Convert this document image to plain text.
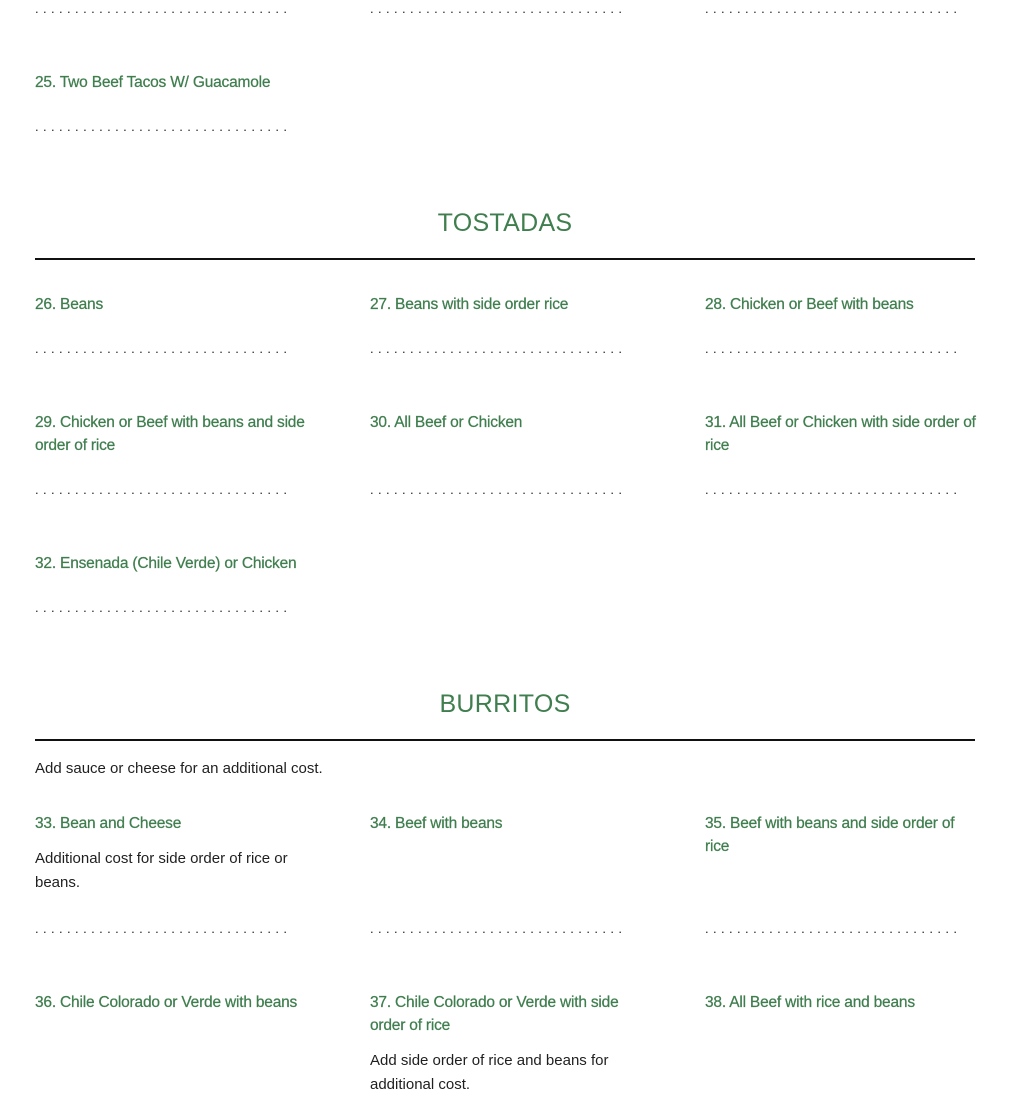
................................	................................	................................
25. Two Beef Tacos W/ Guacamole
................................
TOSTADAS
26. Beans	27. Beans with side order rice	28. Chicken or Beef with beans
................................	................................	................................
29. Chicken or Beef with beans and side order of rice
30. All Beef or Chicken	31. All Beef or Chicken with side order of rice
................................	................................	................................
32. Ensenada (Chile Verde) or Chicken
................................
BURRITOS
Add sauce or cheese for an additional cost.
33. Bean and Cheese
Additional cost for side order of rice or beans.
34. Beef with beans	35. Beef with beans and side order of rice
................................	................................	................................
36. Chile Colorado or Verde with beans	37. Chile Colorado or Verde with side order of rice
Add side order of rice and beans for additional cost.
38. All Beef with rice and beans
